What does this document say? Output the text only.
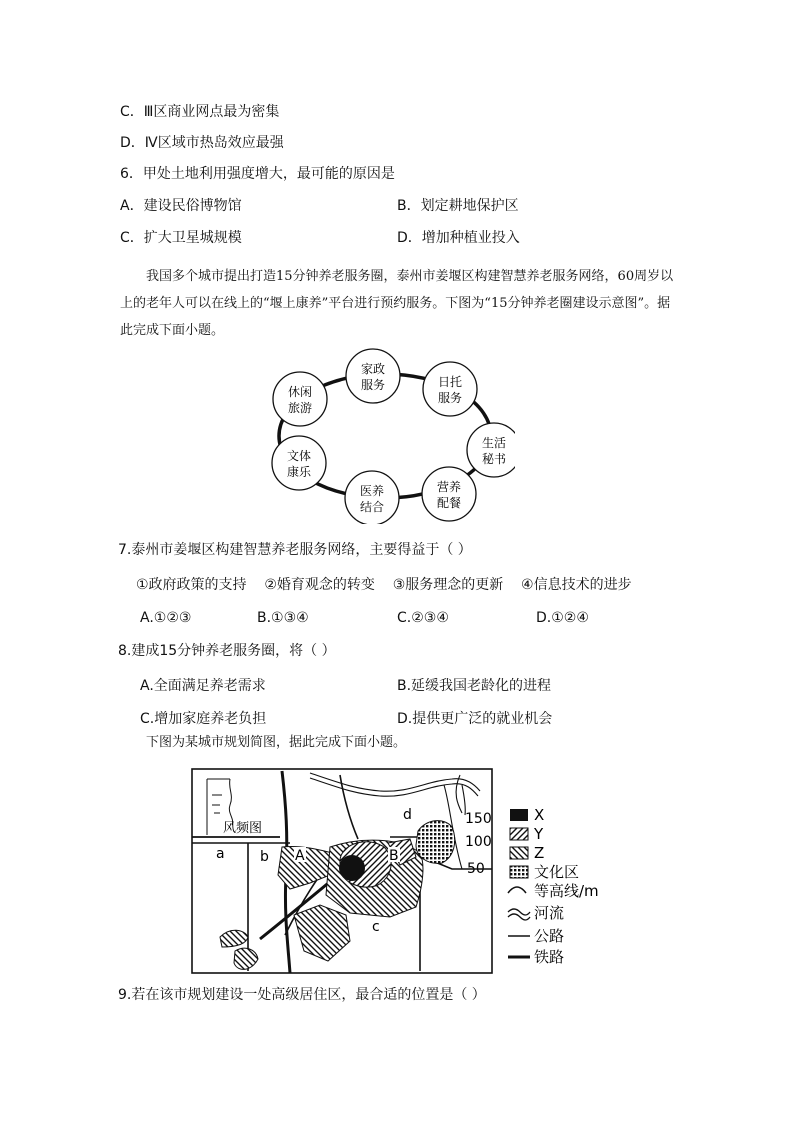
C．Ⅲ区商业网点最为密集
D．Ⅳ区域市热岛效应最强
6．甲处土地利用强度增大，最可能的原因是
A．建设民俗博物馆	B．划定耕地保护区
C．扩大卫星城规模	D．增加种植业投入
我国多个城市提出打造15分钟养老服务圈，泰州市姜堰区构建智慧养老服务网络，60周岁以上的老年人可以在线上的“堰上康养”平台进行预约服务。下图为“15分钟养老圈建设示意图”。据此完成下面小题。
家政
服务	日托
服务
生活
秘书
营养
配餐
医养
结合
文体
康乐
休闲
旅游
7.泰州市姜堰区构建智慧养老服务网络，主要得益于（ ）
①政府政策的支持    ②婚育观念的转变    ③服务理念的更新    ④信息技术的进步
A.①②③	B.①③④	C.②③④	D.①②④
8.建成15分钟养老服务圈，将（ ）
A.全面满足养老需求	B.延缓我国老龄化的进程
C.增加家庭养老负担	D.提供更广泛的就业机会
下图为某城市规划简图，据此完成下面小题。
风频图
150
100
50
a	b
c
d
A	B
X
Y
Z
文化区
等高线/m
河流
公路
铁路
9.若在该市规划建设一处高级居住区，最合适的位置是（ ）
